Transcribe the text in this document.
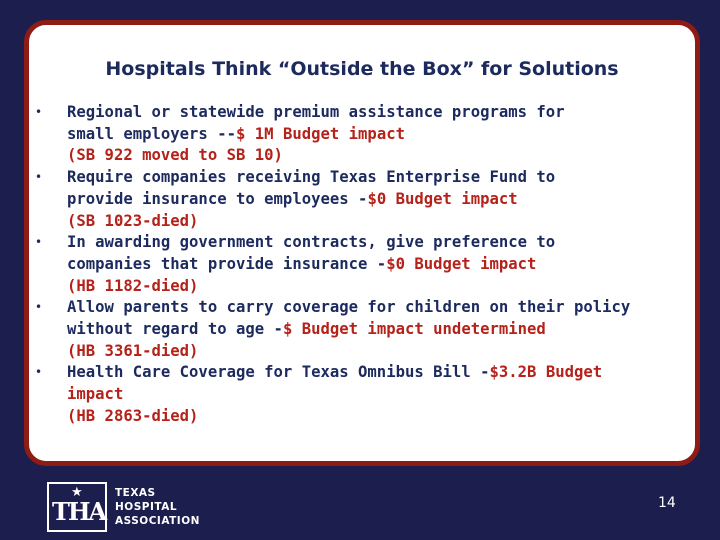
Hospitals Think “Outside the Box” for Solutions
• Regional or statewide premium assistance programs for
small employers --$ 1M Budget impact
(SB 922 moved to SB 10)
• Require companies receiving Texas Enterprise Fund to
provide insurance to employees -$0 Budget impact
(SB 1023-died)
• In awarding government contracts, give preference to
companies that provide insurance -$0 Budget impact
(HB 1182-died)
• Allow parents to carry coverage for children on their policy
without regard to age -$ Budget impact undetermined
(HB 3361-died)
• Health Care Coverage for Texas Omnibus Bill -$3.2B Budget
impact
(HB 2863-died)
★
THA
TEXAS
HOSPITAL
ASSOCIATION
14
